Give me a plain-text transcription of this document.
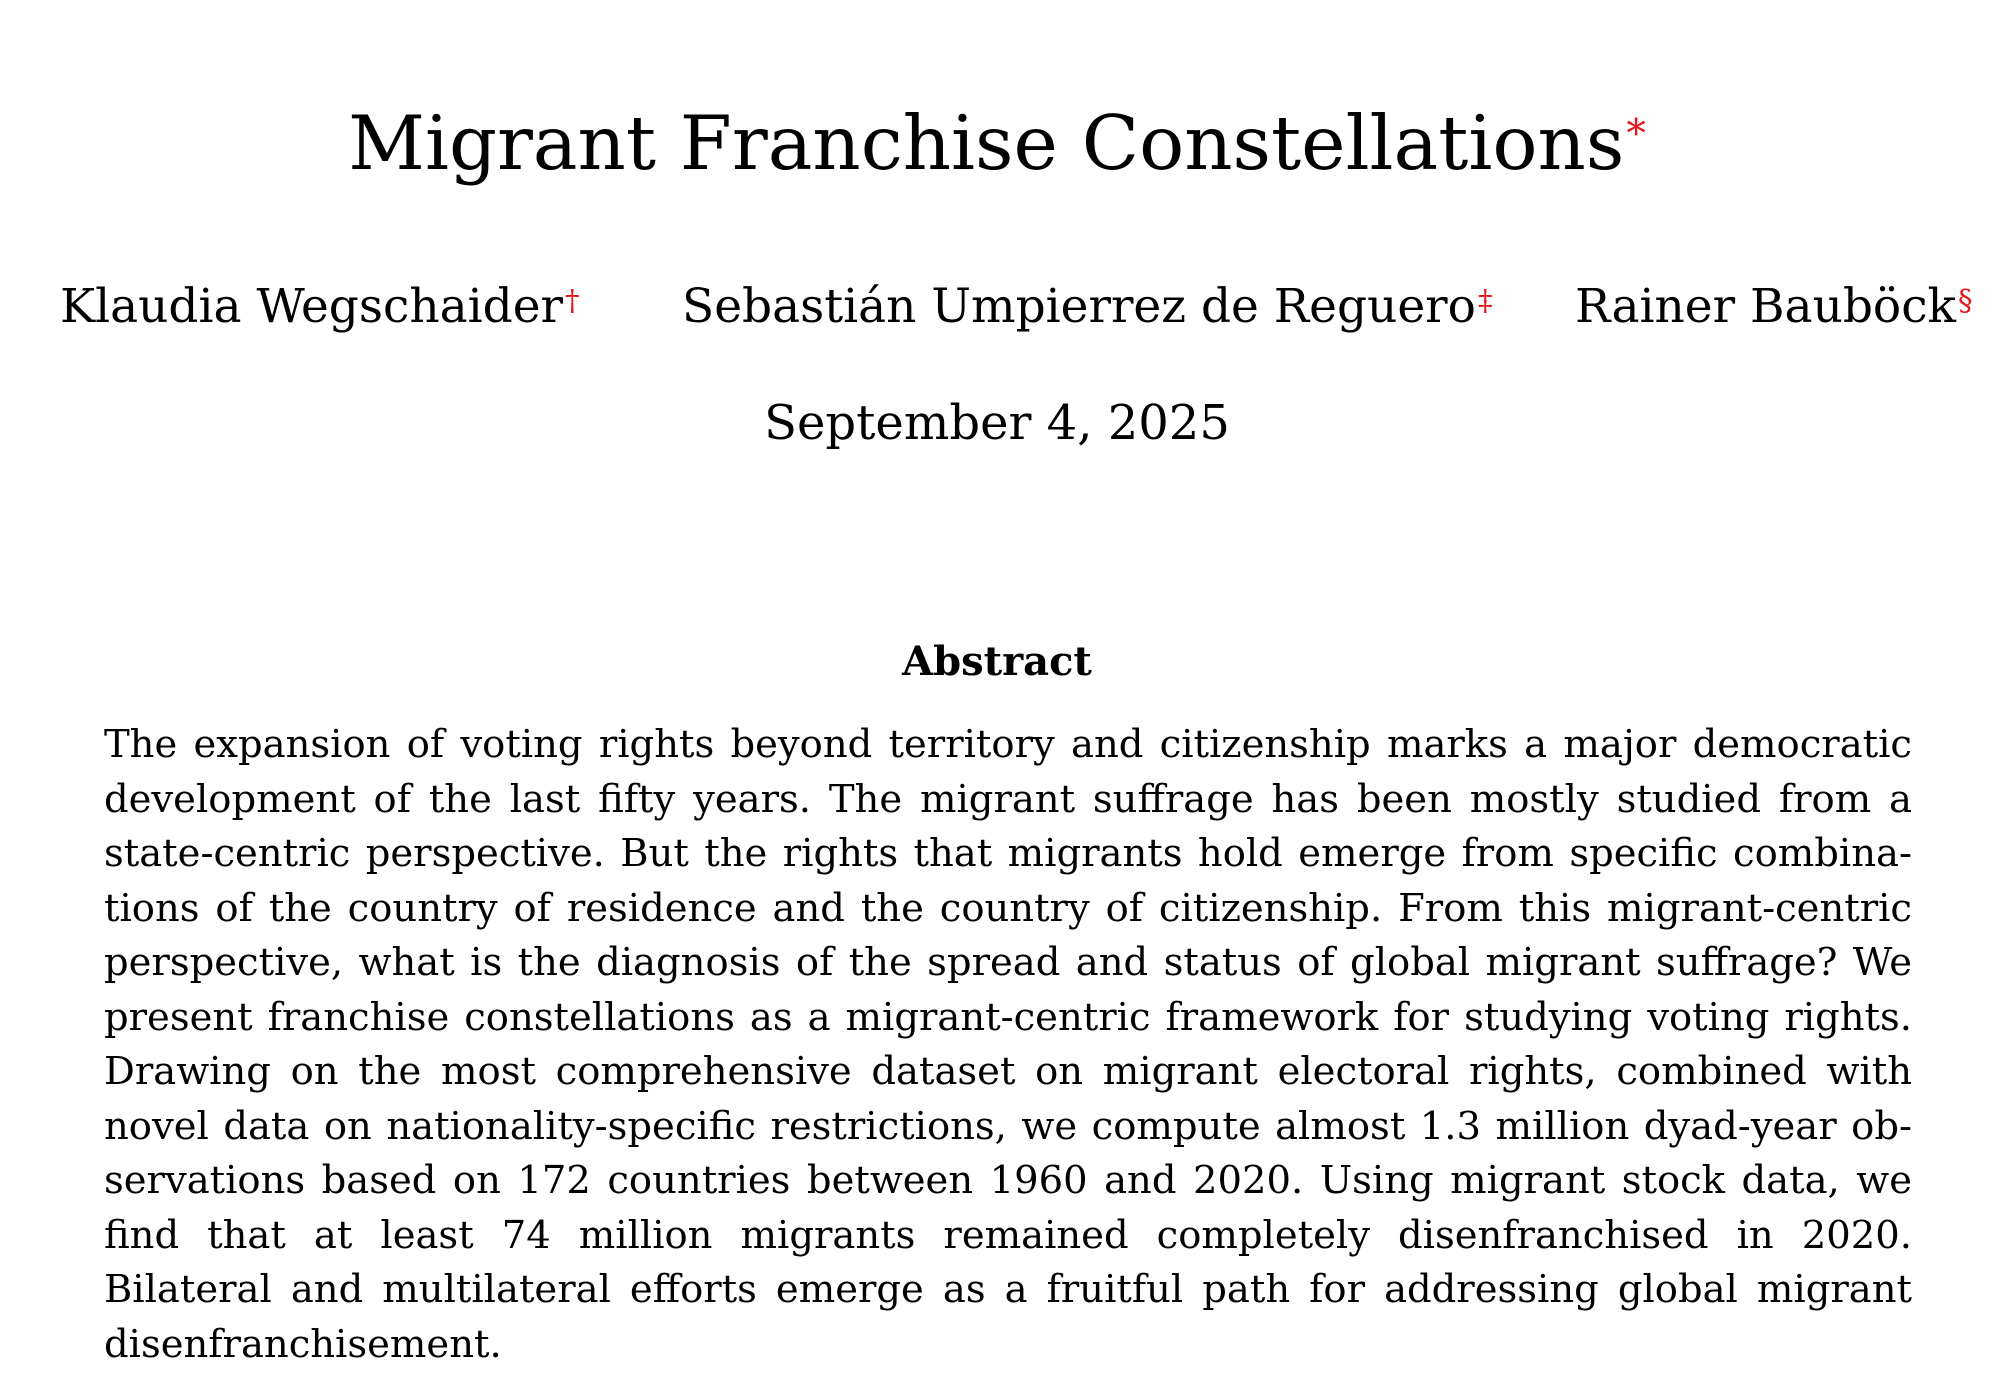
Migrant Franchise Constellations*
Klaudia Wegschaider† Sebastián Umpierrez de Reguero‡ Rainer Bauböck§
September 4, 2025
Abstract

The expansion of voting rights beyond territory and citizenship marks a major democratic development of the last fifty years. The migrant suffrage has been mostly studied from a state-centric perspective. But the rights that migrants hold emerge from specific combinations of the country of residence and the country of citizenship. From this migrant-centric perspective, what is the diagnosis of the spread and status of global migrant suffrage? We present franchise constellations as a migrant-centric framework for studying voting rights. Drawing on the most comprehensive dataset on migrant electoral rights, combined with novel data on nationality-specific restrictions, we compute almost 1.3 million dyad-year observations based on 172 countries between 1960 and 2020. Using migrant stock data, we find that at least 74 million migrants remained completely disenfranchised in 2020. Bilateral and multilateral efforts emerge as a fruitful path for addressing global migrant disenfranchisement.
